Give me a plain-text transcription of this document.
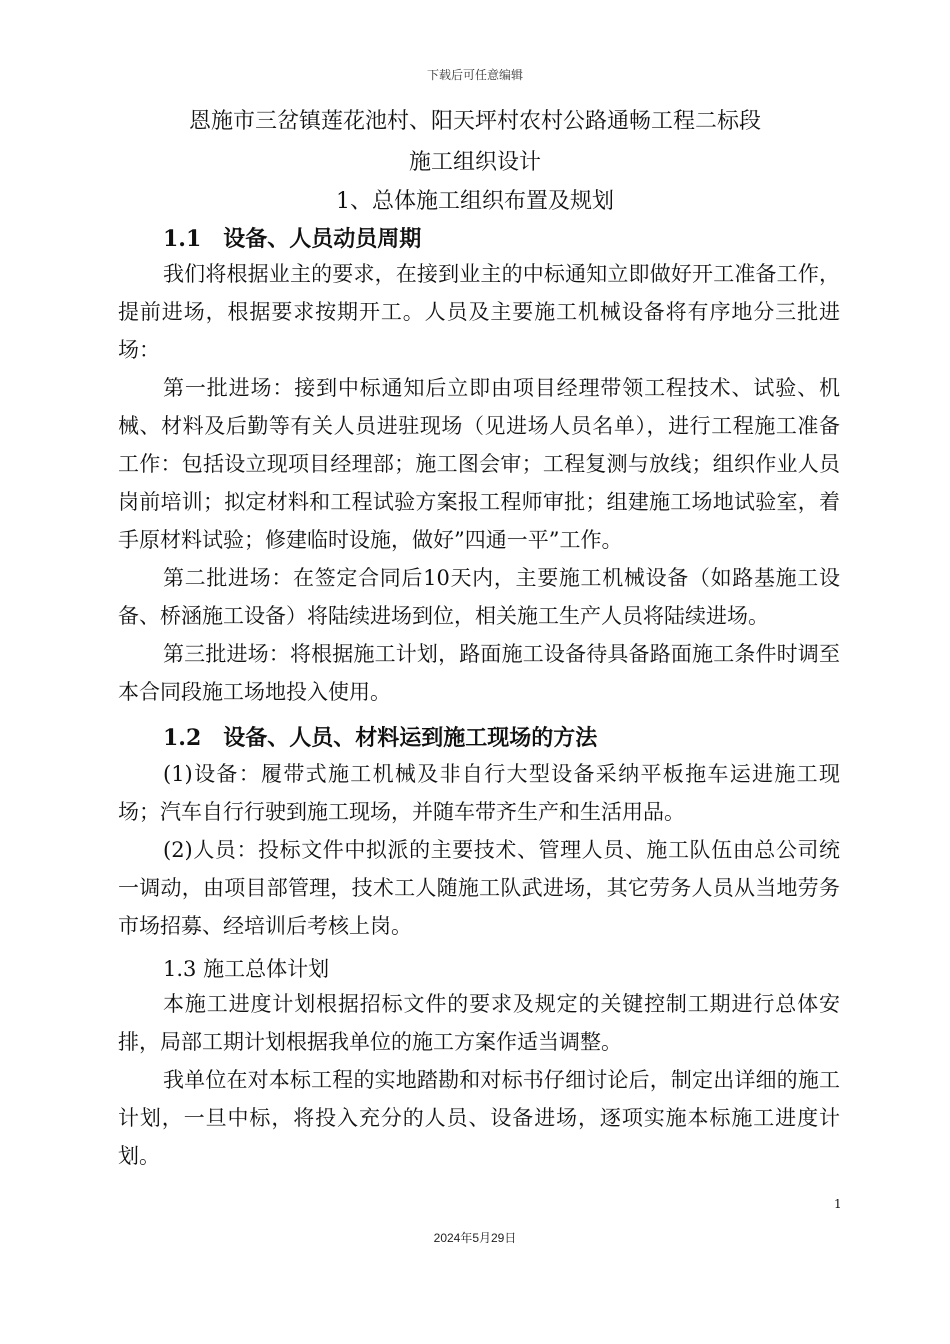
下载后可任意编辑
恩施市三岔镇莲花池村、阳天坪村农村公路通畅工程二标段
施工组织设计
1、总体施工组织布置及规划
1.1　设备、人员动员周期
我们将根据业主的要求，在接到业主的中标通知立即做好开工准备工作，提前进场，根据要求按期开工。人员及主要施工机械设备将有序地分三批进场：
第一批进场：接到中标通知后立即由项目经理带领工程技术、试验、机械、材料及后勤等有关人员进驻现场（见进场人员名单），进行工程施工准备工作：包括设立现项目经理部；施工图会审；工程复测与放线；组织作业人员岗前培训；拟定材料和工程试验方案报工程师审批；组建施工场地试验室，着手原材料试验；修建临时设施，做好”四通一平”工作。
第二批进场：在签定合同后10天内，主要施工机械设备（如路基施工设备、桥涵施工设备）将陆续进场到位，相关施工生产人员将陆续进场。
第三批进场：将根据施工计划，路面施工设备待具备路面施工条件时调至本合同段施工场地投入使用。
1.2　设备、人员、材料运到施工现场的方法
(1)设备：履带式施工机械及非自行大型设备采纳平板拖车运进施工现场；汽车自行行驶到施工现场，并随车带齐生产和生活用品。
(2)人员：投标文件中拟派的主要技术、管理人员、施工队伍由总公司统一调动，由项目部管理，技术工人随施工队武进场，其它劳务人员从当地劳务市场招募、经培训后考核上岗。
1.3 施工总体计划
本施工进度计划根据招标文件的要求及规定的关键控制工期进行总体安排，局部工期计划根据我单位的施工方案作适当调整。
我单位在对本标工程的实地踏勘和对标书仔细讨论后，制定出详细的施工计划，一旦中标，将投入充分的人员、设备进场，逐项实施本标施工进度计划。
1
2024年5月29日
